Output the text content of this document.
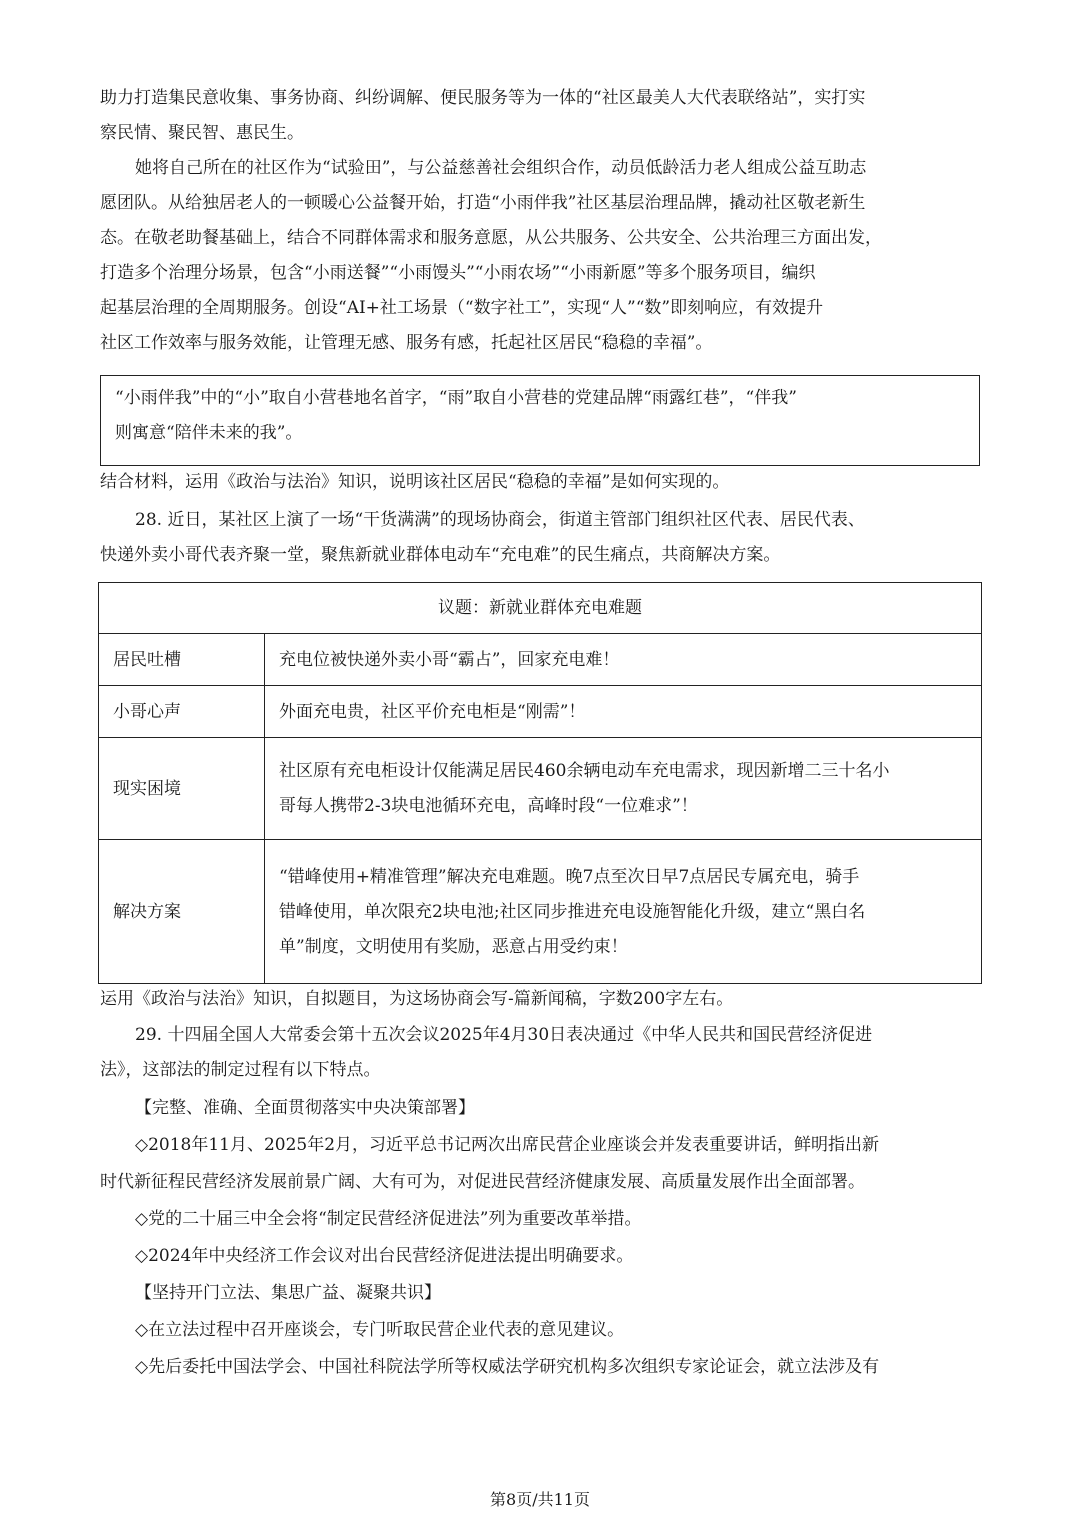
助力打造集民意收集、事务协商、纠纷调解、便民服务等为一体的“社区最美人大代表联络站”，实打实
察民情、聚民智、惠民生。
她将自己所在的社区作为“试验田”，与公益慈善社会组织合作，动员低龄活力老人组成公益互助志
愿团队。从给独居老人的一顿暖心公益餐开始，打造“小雨伴我”社区基层治理品牌，撬动社区敬老新生
态。在敬老助餐基础上，结合不同群体需求和服务意愿，从公共服务、公共安全、公共治理三方面出发，
打造多个治理分场景，包含“小雨送餐”“小雨馒头”“小雨农场”“小雨新愿”等多个服务项目，编织
起基层治理的全周期服务。创设“AI+社工场景（“数字社工”，实现“人”“数”即刻响应，有效提升
社区工作效率与服务效能，让管理无感、服务有感，托起社区居民“稳稳的幸福”。
“小雨伴我”中的“小”取自小营巷地名首字，“雨”取自小营巷的党建品牌“雨露红巷”，“伴我”
则寓意“陪伴未来的我”。
结合材料，运用《政治与法治》知识，说明该社区居民“稳稳的幸福”是如何实现的。
28. 近日，某社区上演了一场“干货满满”的现场协商会，街道主管部门组织社区代表、居民代表、
快递外卖小哥代表齐聚一堂，聚焦新就业群体电动车“充电难”的民生痛点，共商解决方案。
议题：新就业群体充电难题	
居民吐槽	充电位被快递外卖小哥“霸占”，回家充电难！

小哥心声	外面充电贵，社区平价充电柜是“刚需”！

现实困境	社区原有充电柜设计仅能满足居民460余辆电动车充电需求，现因新增二三十名小

哥每人携带2-3块电池循环充电，高峰时段“一位难求”！

解决方案	“错峰使用+精准管理”解决充电难题。晚7点至次日早7点居民专属充电，骑手

错峰使用，单次限充2块电池;社区同步推进充电设施智能化升级，建立“黑白名

单”制度，文明使用有奖励，恶意占用受约束！

运用《政治与法治》知识，自拟题目，为这场协商会写-篇新闻稿，字数200字左右。
29. 十四届全国人大常委会第十五次会议2025年4月30日表决通过《中华人民共和国民营经济促进
法》，这部法的制定过程有以下特点。
【完整、准确、全面贯彻落实中央决策部署】
◇2018年11月、2025年2月，习近平总书记两次出席民营企业座谈会并发表重要讲话，鲜明指出新
时代新征程民营经济发展前景广阔、大有可为，对促进民营经济健康发展、高质量发展作出全面部署。
◇党的二十届三中全会将“制定民营经济促进法”列为重要改革举措。
◇2024年中央经济工作会议对出台民营经济促进法提出明确要求。
【坚持开门立法、集思广益、凝聚共识】
◇在立法过程中召开座谈会，专门听取民营企业代表的意见建议。
◇先后委托中国法学会、中国社科院法学所等权威法学研究机构多次组织专家论证会，就立法涉及有
第8页/共11页
